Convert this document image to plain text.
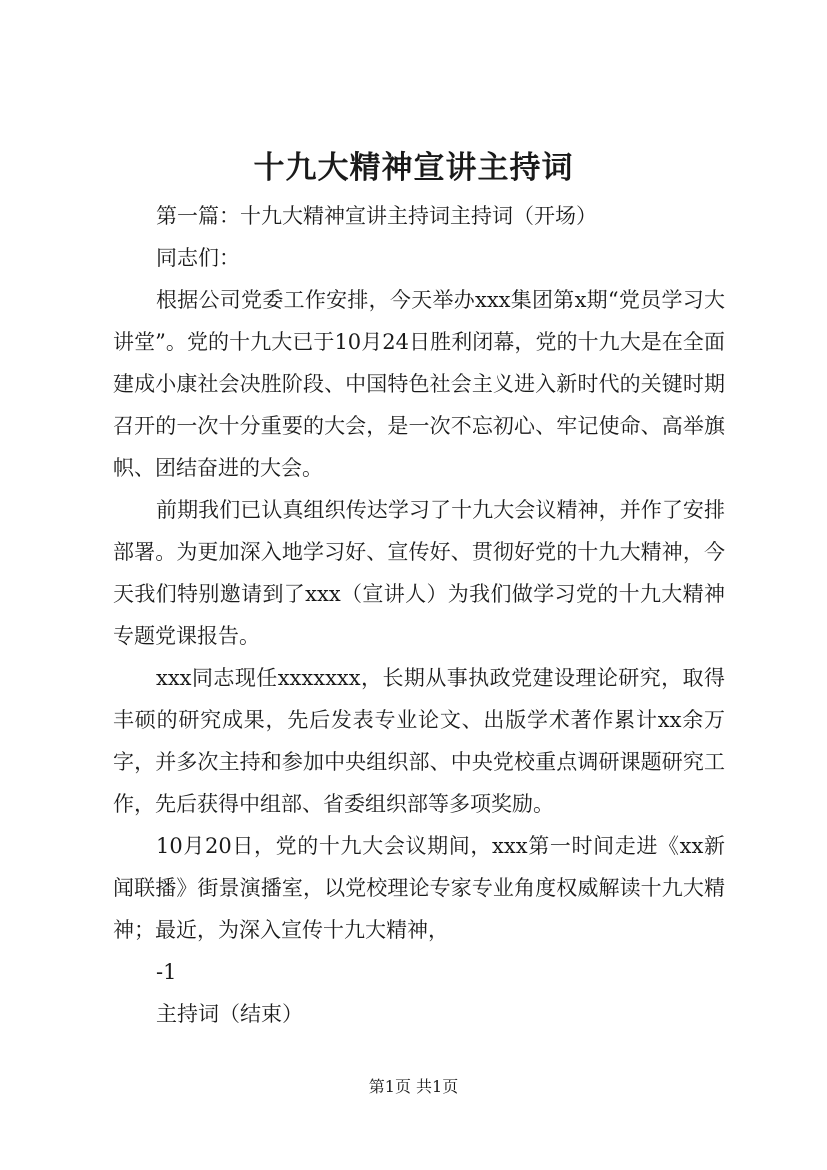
十九大精神宣讲主持词

第一篇：十九大精神宣讲主持词主持词（开场）

同志们：

根据公司党委工作安排，今天举办xxx集团第x期“党员学习大讲堂”。党的十九大已于10月24日胜利闭幕，党的十九大是在全面建成小康社会决胜阶段、中国特色社会主义进入新时代的关键时期召开的一次十分重要的大会，是一次不忘初心、牢记使命、高举旗帜、团结奋进的大会。

前期我们已认真组织传达学习了十九大会议精神，并作了安排部署。为更加深入地学习好、宣传好、贯彻好党的十九大精神，今天我们特别邀请到了xxx（宣讲人）为我们做学习党的十九大精神专题党课报告。

xxx同志现任xxxxxxx，长期从事执政党建设理论研究，取得丰硕的研究成果，先后发表专业论文、出版学术著作累计xx余万字，并多次主持和参加中央组织部、中央党校重点调研课题研究工作，先后获得中组部、省委组织部等多项奖励。

10月20日，党的十九大会议期间，xxx第一时间走进《xx新闻联播》街景演播室，以党校理论专家专业角度权威解读十九大精神；最近，为深入宣传十九大精神，

-1

主持词（结束）

第1页 共1页
